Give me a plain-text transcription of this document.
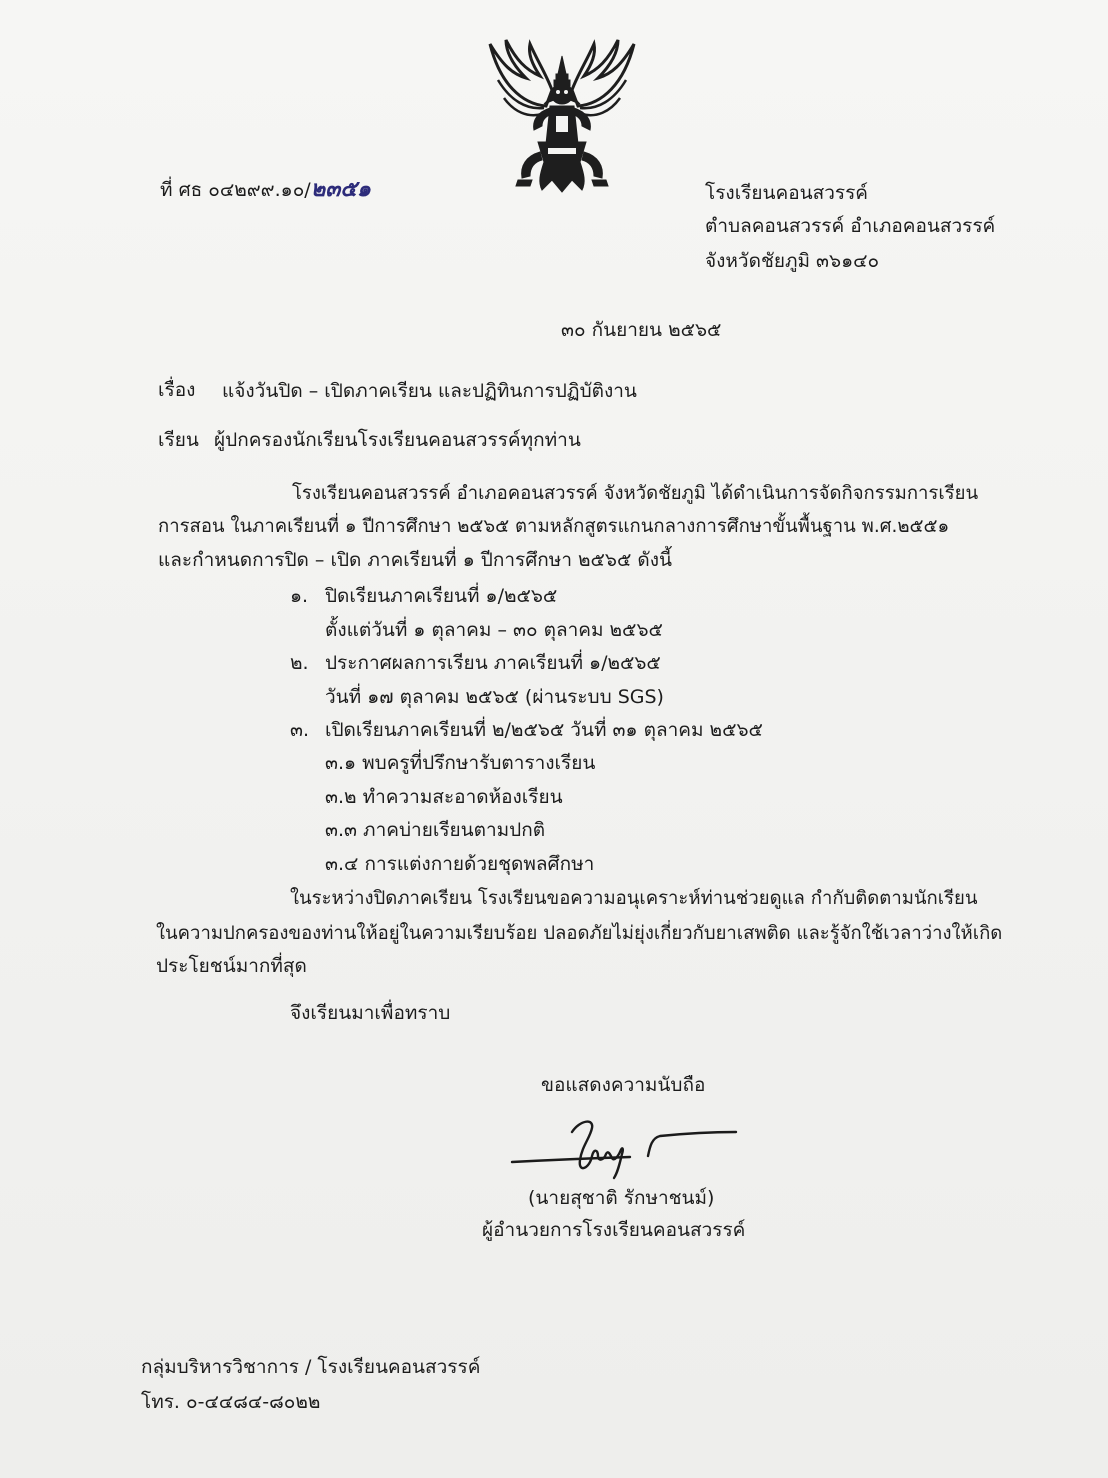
ที่ ศธ ๐๔๒๙๙.๑๐/๒๓๕๑	โรงเรียนคอนสวรรค์
ตำบลคอนสวรรค์ อำเภอคอนสวรรค์
จังหวัดชัยภูมิ ๓๖๑๔๐
๓๐ กันยายน ๒๕๖๕
เรื่อง แจ้งวันปิด – เปิดภาคเรียน และปฏิทินการปฏิบัติงาน
เรียน ผู้ปกครองนักเรียนโรงเรียนคอนสวรรค์ทุกท่าน
โรงเรียนคอนสวรรค์ อำเภอคอนสวรรค์ จังหวัดชัยภูมิ ได้ดำเนินการจัดกิจกรรมการเรียน
การสอน ในภาคเรียนที่ ๑ ปีการศึกษา ๒๕๖๕ ตามหลักสูตรแกนกลางการศึกษาขั้นพื้นฐาน พ.ศ.๒๕๕๑
และกำหนดการปิด – เปิด ภาคเรียนที่ ๑ ปีการศึกษา ๒๕๖๕ ดังนี้
๑. ปิดเรียนภาคเรียนที่ ๑/๒๕๖๕
ตั้งแต่วันที่ ๑ ตุลาคม – ๓๐ ตุลาคม ๒๕๖๕
๒. ประกาศผลการเรียน ภาคเรียนที่ ๑/๒๕๖๕
วันที่ ๑๗ ตุลาคม ๒๕๖๕ (ผ่านระบบ SGS)
๓. เปิดเรียนภาคเรียนที่ ๒/๒๕๖๕ วันที่ ๓๑ ตุลาคม ๒๕๖๕
๓.๑ พบครูที่ปรึกษารับตารางเรียน
๓.๒ ทำความสะอาดห้องเรียน
๓.๓ ภาคบ่ายเรียนตามปกติ
๓.๔ การแต่งกายด้วยชุดพลศึกษา
ในระหว่างปิดภาคเรียน โรงเรียนขอความอนุเคราะห์ท่านช่วยดูแล กำกับติดตามนักเรียน
ในความปกครองของท่านให้อยู่ในความเรียบร้อย ปลอดภัยไม่ยุ่งเกี่ยวกับยาเสพติด และรู้จักใช้เวลาว่างให้เกิด
ประโยชน์มากที่สุด
จึงเรียนมาเพื่อทราบ
ขอแสดงความนับถือ
(นายสุชาติ รักษาชนม์)
ผู้อำนวยการโรงเรียนคอนสวรรค์
กลุ่มบริหารวิชาการ / โรงเรียนคอนสวรรค์
โทร. ๐-๔๔๘๔-๘๐๒๒
